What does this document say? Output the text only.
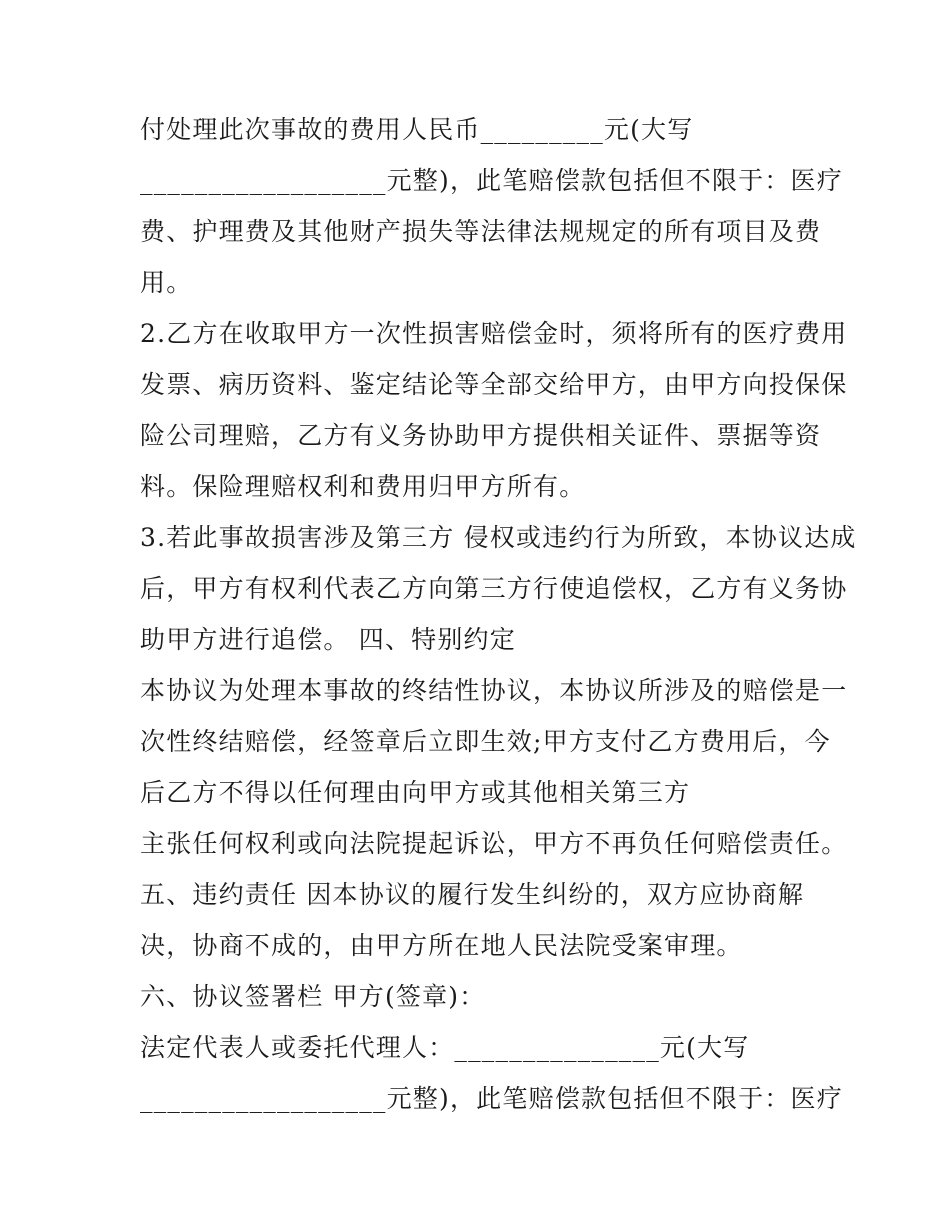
付处理此次事故的费用人民币_________元(大写
__________________元整)，此笔赔偿款包括但不限于：医疗
费、护理费及其他财产损失等法律法规规定的所有项目及费
用。
2.乙方在收取甲方一次性损害赔偿金时，须将所有的医疗费用
发票、病历资料、鉴定结论等全部交给甲方，由甲方向投保保
险公司理赔，乙方有义务协助甲方提供相关证件、票据等资
料。保险理赔权利和费用归甲方所有。
3.若此事故损害涉及第三方 侵权或违约行为所致，本协议达成
后，甲方有权利代表乙方向第三方行使追偿权，乙方有义务协
助甲方进行追偿。 四、特别约定
本协议为处理本事故的终结性协议，本协议所涉及的赔偿是一
次性终结赔偿，经签章后立即生效;甲方支付乙方费用后，今
后乙方不得以任何理由向甲方或其他相关第三方
主张任何权利或向法院提起诉讼，甲方不再负任何赔偿责任。
五、违约责任 因本协议的履行发生纠纷的，双方应协商解
决，协商不成的，由甲方所在地人民法院受案审理。
六、协议签署栏 甲方(签章)：
法定代表人或委托代理人：_______________元(大写
__________________元整)，此笔赔偿款包括但不限于：医疗
